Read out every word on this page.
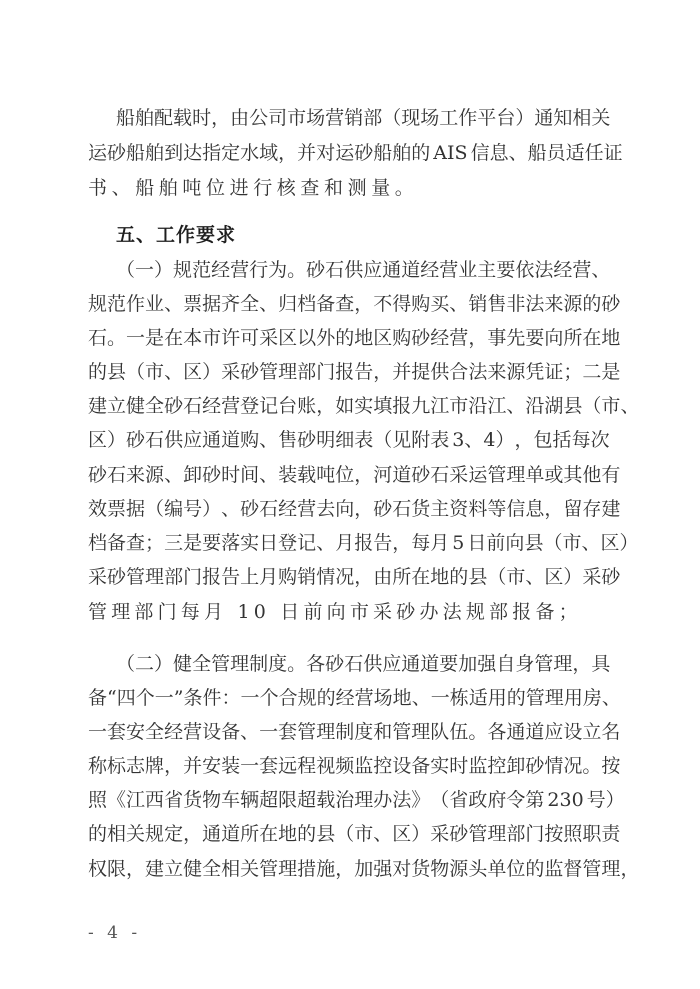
船 舶 配 载 时 ， 由 公 司 市 场 营 销 部 （ 现 场 工 作 平 台 ） 通 知 相 关
运 砂 船 舶 到 达 指 定 水 域 ， 并 对 运 砂 船 舶 的
A I S
信 息 、 船 员 适 任 证
书、船舶吨位进行核查和测量。
五、工作要求
（ 一 ） 规 范 经 营 行 为 。 砂 石 供 应 通 道 经 营 业 主 要 依 法 经 营 、
规 范 作 业 、 票 据 齐 全 、 归 档 备 查 ， 不 得 购 买 、 销 售 非 法 来 源 的 砂
石 。 一 是 在 本 市 许 可 采 区 以 外 的 地 区 购 砂 经 营 ， 事 先 要 向 所 在 地
的 县 （ 市 、 区 ） 采 砂 管 理 部 门 报 告 ， 并 提 供 合 法 来 源 凭 证 ； 二 是
建 立 健 全 砂 石 经 营 登 记 台 账 ， 如 实 填 报 九 江 市 沿 江 、 沿 湖 县 （ 市 、
区 ） 砂 石 供 应 通 道 购 、 售 砂 明 细 表 （ 见 附 表
3 、 4 ） ， 包 括 每 次
砂 石 来 源 、 卸 砂 时 间 、 装 载 吨 位 ， 河 道 砂 石 采 运 管 理 单 或 其 他 有
效 票 据 （ 编 号 ） 、 砂 石 经 营 去 向 ， 砂 石 货 主 资 料 等 信 息 ， 留 存 建
档 备 查 ； 三 是 要 落 实 日 登 记 、 月 报 告 ， 每 月
5
日 前 向 县 （ 市 、 区 ）
采 砂 管 理 部 门 报 告 上 月 购 销 情 况 ， 由 所 在 地 的 县 （ 市 、 区 ） 采 砂
管理部门每月 10 日前向市采砂办法规部报备；
（ 二 ） 健 全 管 理 制 度 。 各 砂 石 供 应 通 道 要 加 强 自 身 管 理 ， 具
备 “ 四 个 一 ” 条 件 ： 一 个 合 规 的 经 营 场 地 、 一 栋 适 用 的 管 理 用 房 、
一 套 安 全 经 营 设 备 、 一 套 管 理 制 度 和 管 理 队 伍 。 各 通 道 应 设 立 名
称 标 志 牌 ， 并 安 装 一 套 远 程 视 频 监 控 设 备 实 时 监 控 卸 砂 情 况 。 按
照 《 江 西 省 货 物 车 辆 超 限 超 载 治 理 办 法 》 （ 省 政 府 令 第
2 3 0
号 ）
的 相 关 规 定 ， 通 道 所 在 地 的 县 （ 市 、 区 ） 采 砂 管 理 部 门 按 照 职 责
权 限 ， 建 立 健 全 相 关 管 理 措 施 ， 加 强 对 货 物 源 头 单 位 的 监 督 管 理 ，
- 4 -
